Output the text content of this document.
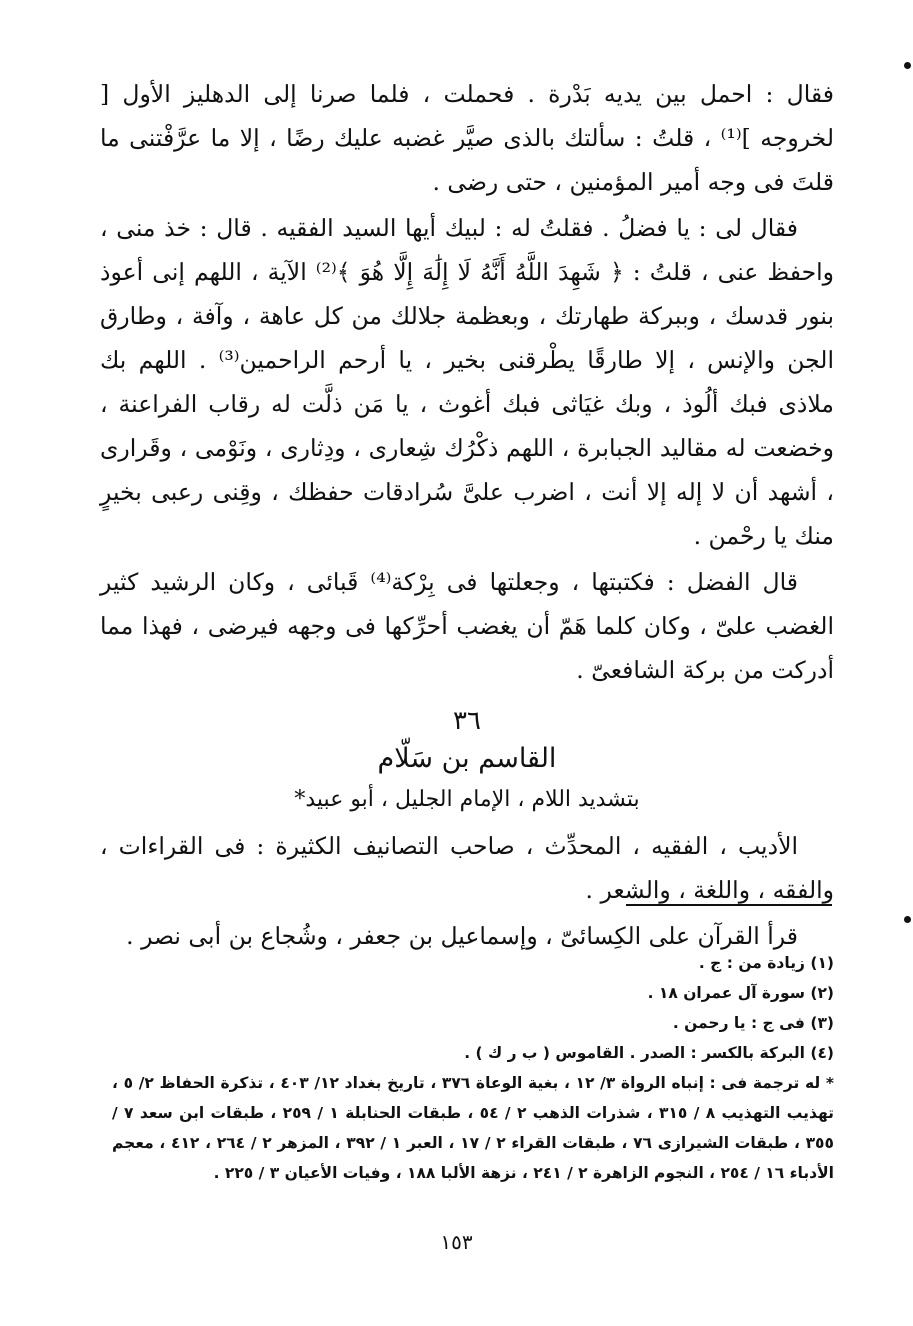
فقال : احمل بين يديه بَدْرة . فحملت ، فلما صرنا إلى الدهليز الأول [ لخروجه ]⁽¹⁾ ، قلتُ : سألتك بالذى صيَّر غضبه عليك رضًا ، إلا ما عرَّفْتنى ما قلتَ فى وجه أمير المؤمنين ، حتى رضى .

فقال لى : يا فضلُ . فقلتُ له : لبيك أيها السيد الفقيه . قال : خذ منى ، واحفظ عنى ، قلتُ : ﴿ شَهِدَ اللَّهُ أَنَّهُ لَا إِلَٰهَ إِلَّا هُوَ ﴾⁽²⁾ الآية ، اللهم إنى أعوذ بنور قدسك ، وببركة طهارتك ، وبعظمة جلالك من كل عاهة ، وآفة ، وطارق الجن والإنس ، إلا طارقًا يطْرقنى بخير ، يا أرحم الراحمين⁽³⁾ . اللهم بك ملاذى فبك ألُوذ ، وبك غيَاثى فبك أغوث ، يا مَن ذلَّت له رقاب الفراعنة ، وخضعت له مقاليد الجبابرة ، اللهم ذكْرُك شِعارى ، ودِثارى ، ونَوْمى ، وقَرارى ، أشهد أن لا إله إلا أنت ، اضرب علىَّ سُرادقات حفظك ، وقِنى رعبى بخيرٍ منك يا رحْمن .

قال الفضل : فكتبتها ، وجعلتها فى بِرْكة⁽⁴⁾ قَبائى ، وكان الرشيد كثير الغضب علىّ ، وكان كلما هَمّ أن يغضب أحرِّكها فى وجهه فيرضى ، فهذا مما أدركت من بركة الشافعىّ .

٣٦
القاسم بن سَلّام
بتشديد اللام ، الإمام الجليل ، أبو عبيد*

الأديب ، الفقيه ، المحدِّث ، صاحب التصانيف الكثيرة : فى القراءات ، والفقه ، واللغة ، والشعر .

قرأ القرآن على الكِسائىّ ، وإسماعيل بن جعفر ، وشُجاع بن أبى نصر .

(١) زيادة من : ج .

(٢) سورة آل عمران ١٨ .

(٣) فى ج : يا رحمن .

(٤) البركة بالكسر : الصدر . القاموس ( ب ر ك ) .

* له ترجمة فى : إنباه الرواة ٣/ ١٢ ، بغية الوعاة ٣٧٦ ، تاريخ بغداد ١٢/ ٤٠٣ ، تذكرة الحفاظ ٢/ ٥ ، تهذيب التهذيب ٨ / ٣١٥ ، شذرات الذهب ٢ / ٥٤ ، طبقات الحنابلة ١ / ٢٥٩ ، طبقات ابن سعد ٧ / ٣٥٥ ، طبقات الشيرازى ٧٦ ، طبقات القراء ٢ / ١٧ ، العبر ١ / ٣٩٢ ، المزهر ٢ / ٢٦٤ ، ٤١٢ ، معجم الأدباء ١٦ / ٢٥٤ ، النجوم الزاهرة ٢ / ٢٤١ ، نزهة الألبا ١٨٨ ، وفيات الأعيان ٣ / ٢٢٥ .

١٥٣
